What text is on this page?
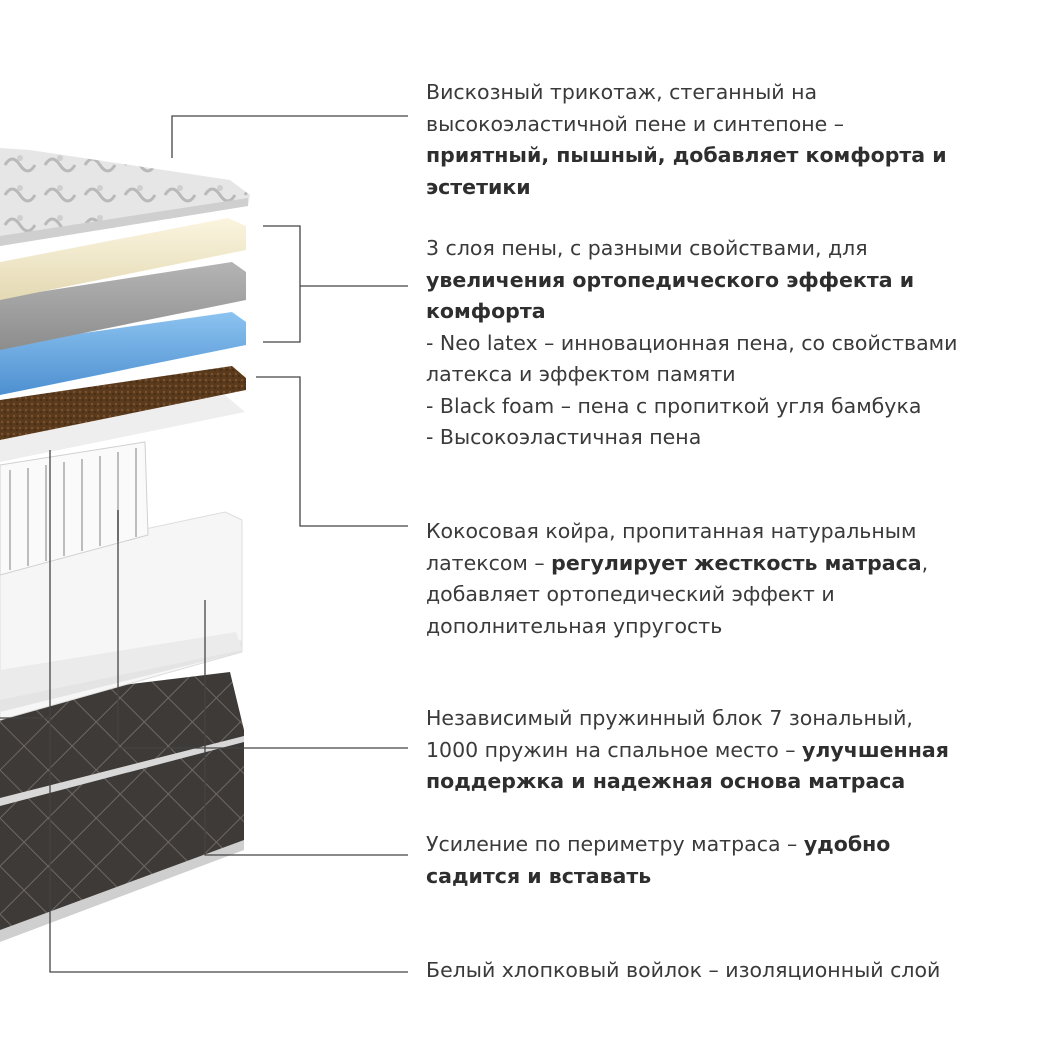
Вискозный трикотаж, стеганный на
высокоэластичной пене и синтепоне –
приятный, пышный, добавляет комфорта и
эстетики
3 слоя пены, с разными свойствами, для
увеличения ортопедического эффекта и
комфорта
- Neo latex – инновационная пена, со свойствами
латекса и эффектом памяти
- Black foam – пена с пропиткой угля бамбука
- Высокоэластичная пена
Кокосовая койра, пропитанная натуральным
латексом – регулирует жесткость матраса,
добавляет ортопедический эффект и
дополнительная упругость
Независимый пружинный блок 7 зональный,
1000 пружин на спальное место – улучшенная
поддержка и надежная основа матраса
Усиление по периметру матраса – удобно
садится и вставать
Белый хлопковый войлок – изоляционный слой
